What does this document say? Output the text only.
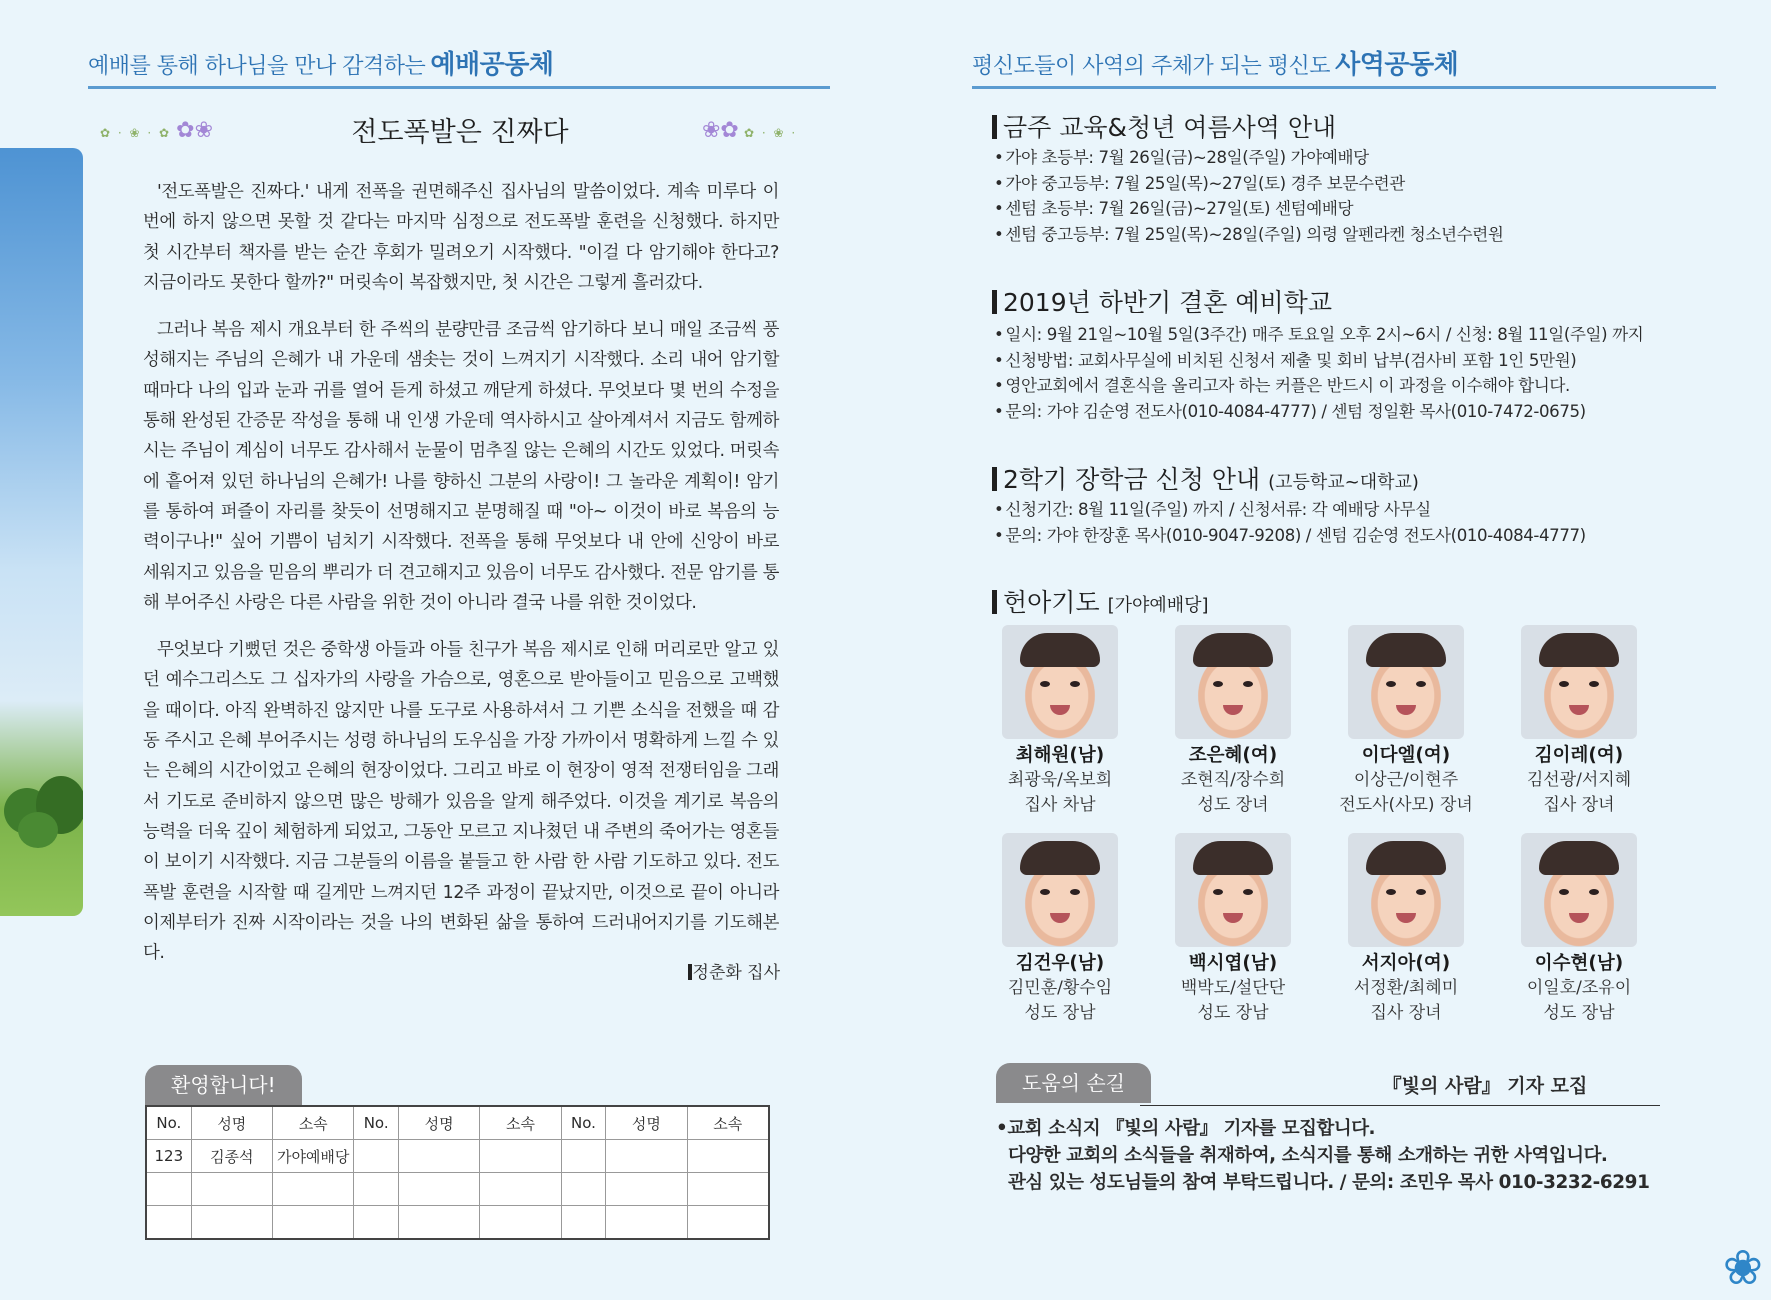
예배를 통해 하나님을 만나 감격하는 예배공동체	평신도들이 사역의 주체가 되는 평신도 사역공동체
✿ · ❀ · ✿ ✿❀	❀✿ ✿ · ❀ ·
전도폭발은 진짜다

'전도폭발은 진짜다.' 내게 전폭을 권면해주신 집사님의 말씀이었다. 계속 미루다 이번에 하지 않으면 못할 것 같다는 마지막 심정으로 전도폭발 훈련을 신청했다. 하지만 첫 시간부터 책자를 받는 순간 후회가 밀려오기 시작했다. "이걸 다 암기해야 한다고? 지금이라도 못한다 할까?" 머릿속이 복잡했지만, 첫 시간은 그렇게 흘러갔다.

그러나 복음 제시 개요부터 한 주씩의 분량만큼 조금씩 암기하다 보니 매일 조금씩 풍성해지는 주님의 은혜가 내 가운데 샘솟는 것이 느껴지기 시작했다. 소리 내어 암기할 때마다 나의 입과 눈과 귀를 열어 듣게 하셨고 깨닫게 하셨다. 무엇보다 몇 번의 수정을 통해 완성된 간증문 작성을 통해 내 인생 가운데 역사하시고 살아계셔서 지금도 함께하시는 주님이 계심이 너무도 감사해서 눈물이 멈추질 않는 은혜의 시간도 있었다. 머릿속에 흩어져 있던 하나님의 은혜가! 나를 향하신 그분의 사랑이! 그 놀라운 계획이! 암기를 통하여 퍼즐이 자리를 찾듯이 선명해지고 분명해질 때 "아~ 이것이 바로 복음의 능력이구나!" 싶어 기쁨이 넘치기 시작했다. 전폭을 통해 무엇보다 내 안에 신앙이 바로 세워지고 있음을 믿음의 뿌리가 더 견고해지고 있음이 너무도 감사했다. 전문 암기를 통해 부어주신 사랑은 다른 사람을 위한 것이 아니라 결국 나를 위한 것이었다.

무엇보다 기뻤던 것은 중학생 아들과 아들 친구가 복음 제시로 인해 머리로만 알고 있던 예수그리스도 그 십자가의 사랑을 가슴으로, 영혼으로 받아들이고 믿음으로 고백했을 때이다. 아직 완벽하진 않지만 나를 도구로 사용하셔서 그 기쁜 소식을 전했을 때 감동 주시고 은혜 부어주시는 성령 하나님의 도우심을 가장 가까이서 명확하게 느낄 수 있는 은혜의 시간이었고 은혜의 현장이었다. 그리고 바로 이 현장이 영적 전쟁터임을 그래서 기도로 준비하지 않으면 많은 방해가 있음을 알게 해주었다. 이것을 계기로 복음의 능력을 더욱 깊이 체험하게 되었고, 그동안 모르고 지나쳤던 내 주변의 죽어가는 영혼들이 보이기 시작했다. 지금 그분들의 이름을 붙들고 한 사람 한 사람 기도하고 있다. 전도폭발 훈련을 시작할 때 길게만 느껴지던 12주 과정이 끝났지만, 이것으로 끝이 아니라 이제부터가 진짜 시작이라는 것을 나의 변화된 삶을 통하여 드러내어지기를 기도해본다.

정춘화 집사
환영합니다!
No.	성명	소속	No.	성명	소속	No.	성명	소속
123	김종석	가야예배당						

금주 교육&청년 여름사역 안내
• 가야 초등부: 7월 26일(금)~28일(주일) 가야예배당
• 가야 중고등부: 7월 25일(목)~27일(토) 경주 보문수련관
• 센텀 초등부: 7월 26일(금)~27일(토) 센텀예배당
• 센텀 중고등부: 7월 25일(목)~28일(주일) 의령 알펜라켄 청소년수련원
2019년 하반기 결혼 예비학교
• 일시: 9월 21일~10월 5일(3주간) 매주 토요일 오후 2시~6시 / 신청: 8월 11일(주일) 까지
• 신청방법: 교회사무실에 비치된 신청서 제출 및 회비 납부(검사비 포함 1인 5만원)
• 영안교회에서 결혼식을 올리고자 하는 커플은 반드시 이 과정을 이수해야 합니다.
• 문의: 가야 김순영 전도사(010-4084-4777) / 센텀 정일환 목사(010-7472-0675)
2학기 장학금 신청 안내 (고등학교~대학교)
• 신청기간: 8월 11일(주일) 까지 / 신청서류: 각 예배당 사무실
• 문의: 가야 한장훈 목사(010-9047-9208) / 센텀 김순영 전도사(010-4084-4777)
헌아기도 [가야예배당]
최해원(남)
최광욱/옥보희
집사 차남
조은혜(여)
조현직/장수희
성도 장녀
이다엘(여)
이상근/이현주
전도사(사모) 장녀
김이레(여)
김선광/서지혜
집사 장녀
김건우(남)
김민훈/황수임
성도 장남
백시엽(남)
백박도/설단단
성도 장남
서지아(여)
서정환/최혜미
집사 장녀
이수현(남)
이일호/조유이
성도 장남
도움의 손길	『빛의 사람』 기자 모집
•교회 소식지 『빛의 사람』 기자를 모집합니다.
다양한 교회의 소식들을 취재하여, 소식지를 통해 소개하는 귀한 사역입니다.
관심 있는 성도님들의 참여 부탁드립니다. / 문의: 조민우 목사 010-3232-6291
❀
